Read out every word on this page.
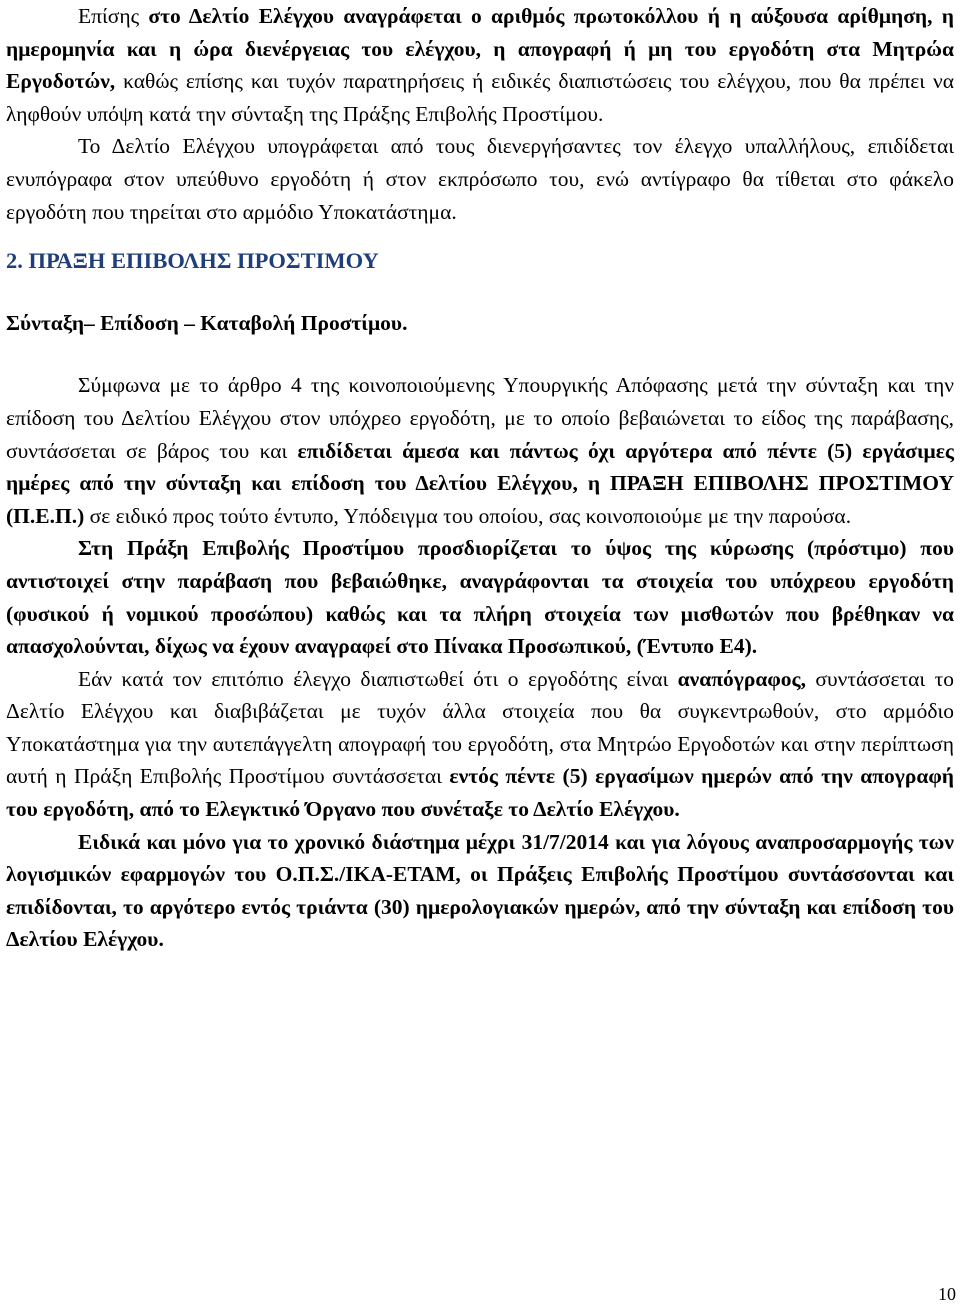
Επίσης στο Δελτίο Ελέγχου αναγράφεται ο αριθμός πρωτοκόλλου ή η αύξουσα αρίθμηση, η ημερομηνία και η ώρα διενέργειας του ελέγχου, η απογραφή ή μη του εργοδότη στα Μητρώα Εργοδοτών, καθώς επίσης και τυχόν παρατηρήσεις ή ειδικές διαπιστώσεις του ελέγχου, που θα πρέπει να ληφθούν υπόψη κατά την σύνταξη της Πράξης Επιβολής Προστίμου.

Το Δελτίο Ελέγχου υπογράφεται από τους διενεργήσαντες τον έλεγχο υπαλλήλους, επιδίδεται ενυπόγραφα στον υπεύθυνο εργοδότη ή στον εκπρόσωπο του, ενώ αντίγραφο θα τίθεται στο φάκελο εργοδότη που τηρείται στο αρμόδιο Υποκατάστημα.

2. ΠΡΑΞΗ ΕΠΙΒΟΛΗΣ ΠΡΟΣΤΙΜΟΥ

Σύνταξη– Επίδοση – Καταβολή Προστίμου.

Σύμφωνα με το άρθρο 4 της κοινοποιούμενης Υπουργικής Απόφασης μετά την σύνταξη και την επίδοση του Δελτίου Ελέγχου στον υπόχρεο εργοδότη, με το οποίο βεβαιώνεται το είδος της παράβασης, συντάσσεται σε βάρος του και επιδίδεται άμεσα και πάντως όχι αργότερα από πέντε (5) εργάσιμες ημέρες από την σύνταξη και επίδοση του Δελτίου Ελέγχου, η ΠΡΑΞΗ ΕΠΙΒΟΛΗΣ ΠΡΟΣΤΙΜΟΥ (Π.Ε.Π.) σε ειδικό προς τούτο έντυπο, Υπόδειγμα του οποίου, σας κοινοποιούμε με την παρούσα.

Στη Πράξη Επιβολής Προστίμου προσδιορίζεται το ύψος της κύρωσης (πρόστιμο) που αντιστοιχεί στην παράβαση που βεβαιώθηκε, αναγράφονται τα στοιχεία του υπόχρεου εργοδότη (φυσικού ή νομικού προσώπου) καθώς και τα πλήρη στοιχεία των μισθωτών που βρέθηκαν να απασχολούνται, δίχως να έχουν αναγραφεί στο Πίνακα Προσωπικού, (Έντυπο Ε4).

Εάν κατά τον επιτόπιο έλεγχο διαπιστωθεί ότι ο εργοδότης είναι αναπόγραφος, συντάσσεται το Δελτίο Ελέγχου και διαβιβάζεται με τυχόν άλλα στοιχεία που θα συγκεντρωθούν, στο αρμόδιο Υποκατάστημα για την αυτεπάγγελτη απογραφή του εργοδότη, στα Μητρώο Εργοδοτών και στην περίπτωση αυτή η Πράξη Επιβολής Προστίμου συντάσσεται εντός πέντε (5) εργασίμων ημερών από την απογραφή του εργοδότη, από το Ελεγκτικό Όργανο που συνέταξε το Δελτίο Ελέγχου.

Ειδικά και μόνο για το χρονικό διάστημα μέχρι 31/7/2014 και για λόγους αναπροσαρμογής των λογισμικών εφαρμογών του Ο.Π.Σ./ΙΚΑ-ΕΤΑΜ, οι Πράξεις Επιβολής Προστίμου συντάσσονται και επιδίδονται, το αργότερο εντός τριάντα (30) ημερολογιακών ημερών, από την σύνταξη και επίδοση του Δελτίου Ελέγχου.

10
